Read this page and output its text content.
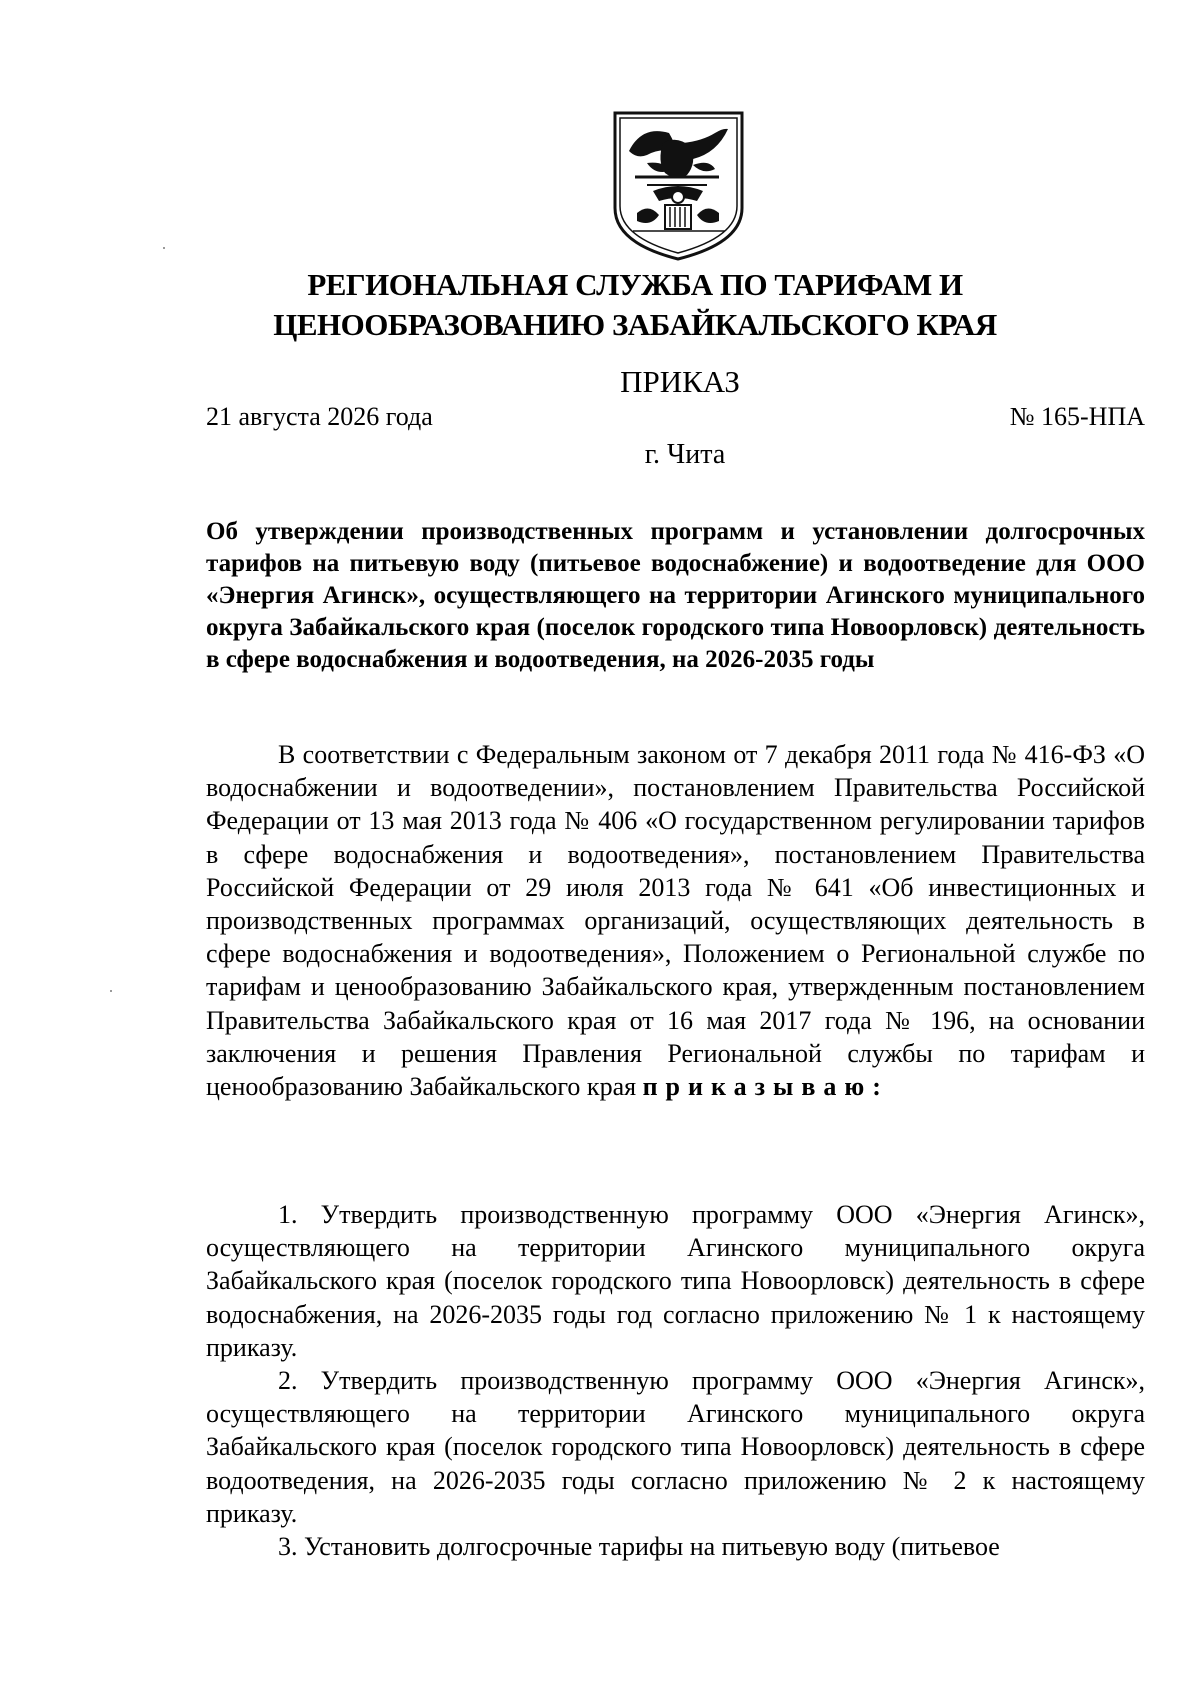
РЕГИОНАЛЬНАЯ СЛУЖБА ПО ТАРИФАМ И
ЦЕНООБРАЗОВАНИЮ ЗАБАЙКАЛЬСКОГО КРАЯ
ПРИКАЗ
21 августа 2026 года	№ 165-НПА
г. Чита
Об утверждении производственных программ и установлении долгосрочных тарифов на питьевую воду (питьевое водоснабжение) и водоотведение для ООО «Энергия Агинск», осуществляющего на территории Агинского муниципального округа Забайкальского края (поселок городского типа Новоорловск) деятельность в сфере водоснабжения и водоотведения, на 2026-2035 годы

В соответствии с Федеральным законом от 7 декабря 2011 года № 416-ФЗ «О водоснабжении и водоотведении», постановлением Правительства Российской Федерации от 13 мая 2013 года № 406 «О государственном регулировании тарифов в сфере водоснабжения и водоотведения», постановлением Правительства Российской Федерации от 29 июля 2013 года № 641 «Об инвестиционных и производственных программах организаций, осуществляющих деятельность в сфере водоснабжения и водоотведения», Положением о Региональной службе по тарифам и ценообразованию Забайкальского края, утвержденным постановлением Правительства Забайкальского края от 16 мая 2017 года № 196, на основании заключения и решения Правления Региональной службы по тарифам и ценообразованию Забайкальского края приказываю:

1. Утвердить производственную программу ООО «Энергия Агинск», осуществляющего на территории Агинского муниципального округа Забайкальского края (поселок городского типа Новоорловск) деятельность в сфере водоснабжения, на 2026-2035 годы год согласно приложению № 1 к настоящему приказу.

2. Утвердить производственную программу ООО «Энергия Агинск», осуществляющего на территории Агинского муниципального округа Забайкальского края (поселок городского типа Новоорловск) деятельность в сфере водоотведения, на 2026-2035 годы согласно приложению № 2 к настоящему приказу.

3. Установить долгосрочные тарифы на питьевую воду (питьевое
